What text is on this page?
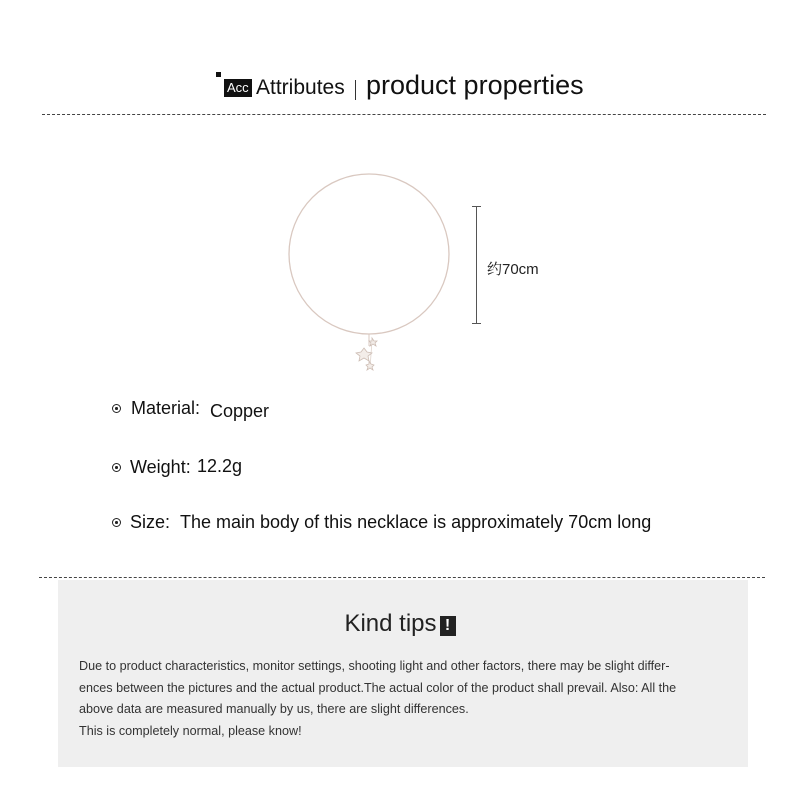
Acc Attributes product properties
约70cm
Material: Copper
Weight: 12.2g
Size: The main body of this necklace is approximately 70cm long
Kind tips !

Due to product characteristics, monitor settings, shooting light and other factors, there may be slight differ-

ences between the pictures and the actual product.The actual color of the product shall prevail. Also: All the

above data are measured manually by us, there are slight differences.

This is completely normal, please know!
